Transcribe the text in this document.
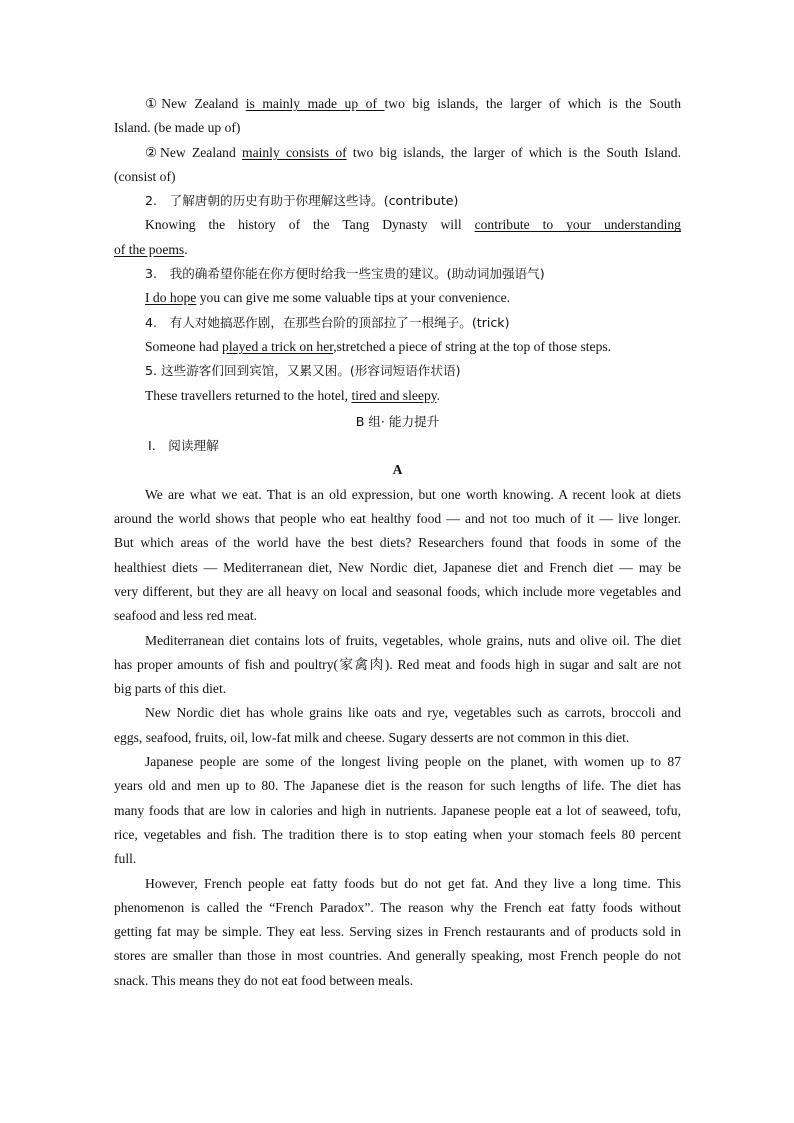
①New Zealand is mainly made up of two big islands, the larger of which is the South
Island. (be made up of)
②New Zealand mainly consists of two big islands, the larger of which is the South Island.
(consist of)
2.　了解唐朝的历史有助于你理解这些诗。(contribute)
Knowing the history of the Tang Dynasty will contribute to your understanding
of the poems.
3.　我的确希望你能在你方便时给我一些宝贵的建议。(助动词加强语气)
I do hope you can give me some valuable tips at your convenience.
4.　有人对她搞恶作剧，在那些台阶的顶部拉了一根绳子。(trick)
Someone had played a trick on her,stretched a piece of string at the top of those steps.
5. 这些游客们回到宾馆，又累又困。(形容词短语作状语)
These travellers returned to the hotel, tired and sleepy.
B 组· 能力提升
Ⅰ.　阅读理解
A
We are what we eat. That is an old expression, but one worth knowing. A recent look at diets
around the world shows that people who eat healthy food — and not too much of it — live longer.
But which areas of the world have the best diets? Researchers found that foods in some of the
healthiest diets — Mediterranean diet, New Nordic diet, Japanese diet and French diet — may be
very different, but they are all heavy on local and seasonal foods, which include more vegetables and
seafood and less red meat.
Mediterranean diet contains lots of fruits, vegetables, whole grains, nuts and olive oil. The diet
has proper amounts of fish and poultry(家禽肉). Red meat and foods high in sugar and salt are not
big parts of this diet.
New Nordic diet has whole grains like oats and rye, vegetables such as carrots, broccoli and
eggs, seafood, fruits, oil, low-fat milk and cheese. Sugary desserts are not common in this diet.
Japanese people are some of the longest living people on the planet, with women up to 87
years old and men up to 80. The Japanese diet is the reason for such lengths of life. The diet has
many foods that are low in calories and high in nutrients. Japanese people eat a lot of seaweed, tofu,
rice, vegetables and fish. The tradition there is to stop eating when your stomach feels 80 percent
full.
However, French people eat fatty foods but do not get fat. And they live a long time. This
phenomenon is called the “French Paradox”. The reason why the French eat fatty foods without
getting fat may be simple. They eat less. Serving sizes in French restaurants and of products sold in
stores are smaller than those in most countries. And generally speaking, most French people do not
snack. This means they do not eat food between meals.
